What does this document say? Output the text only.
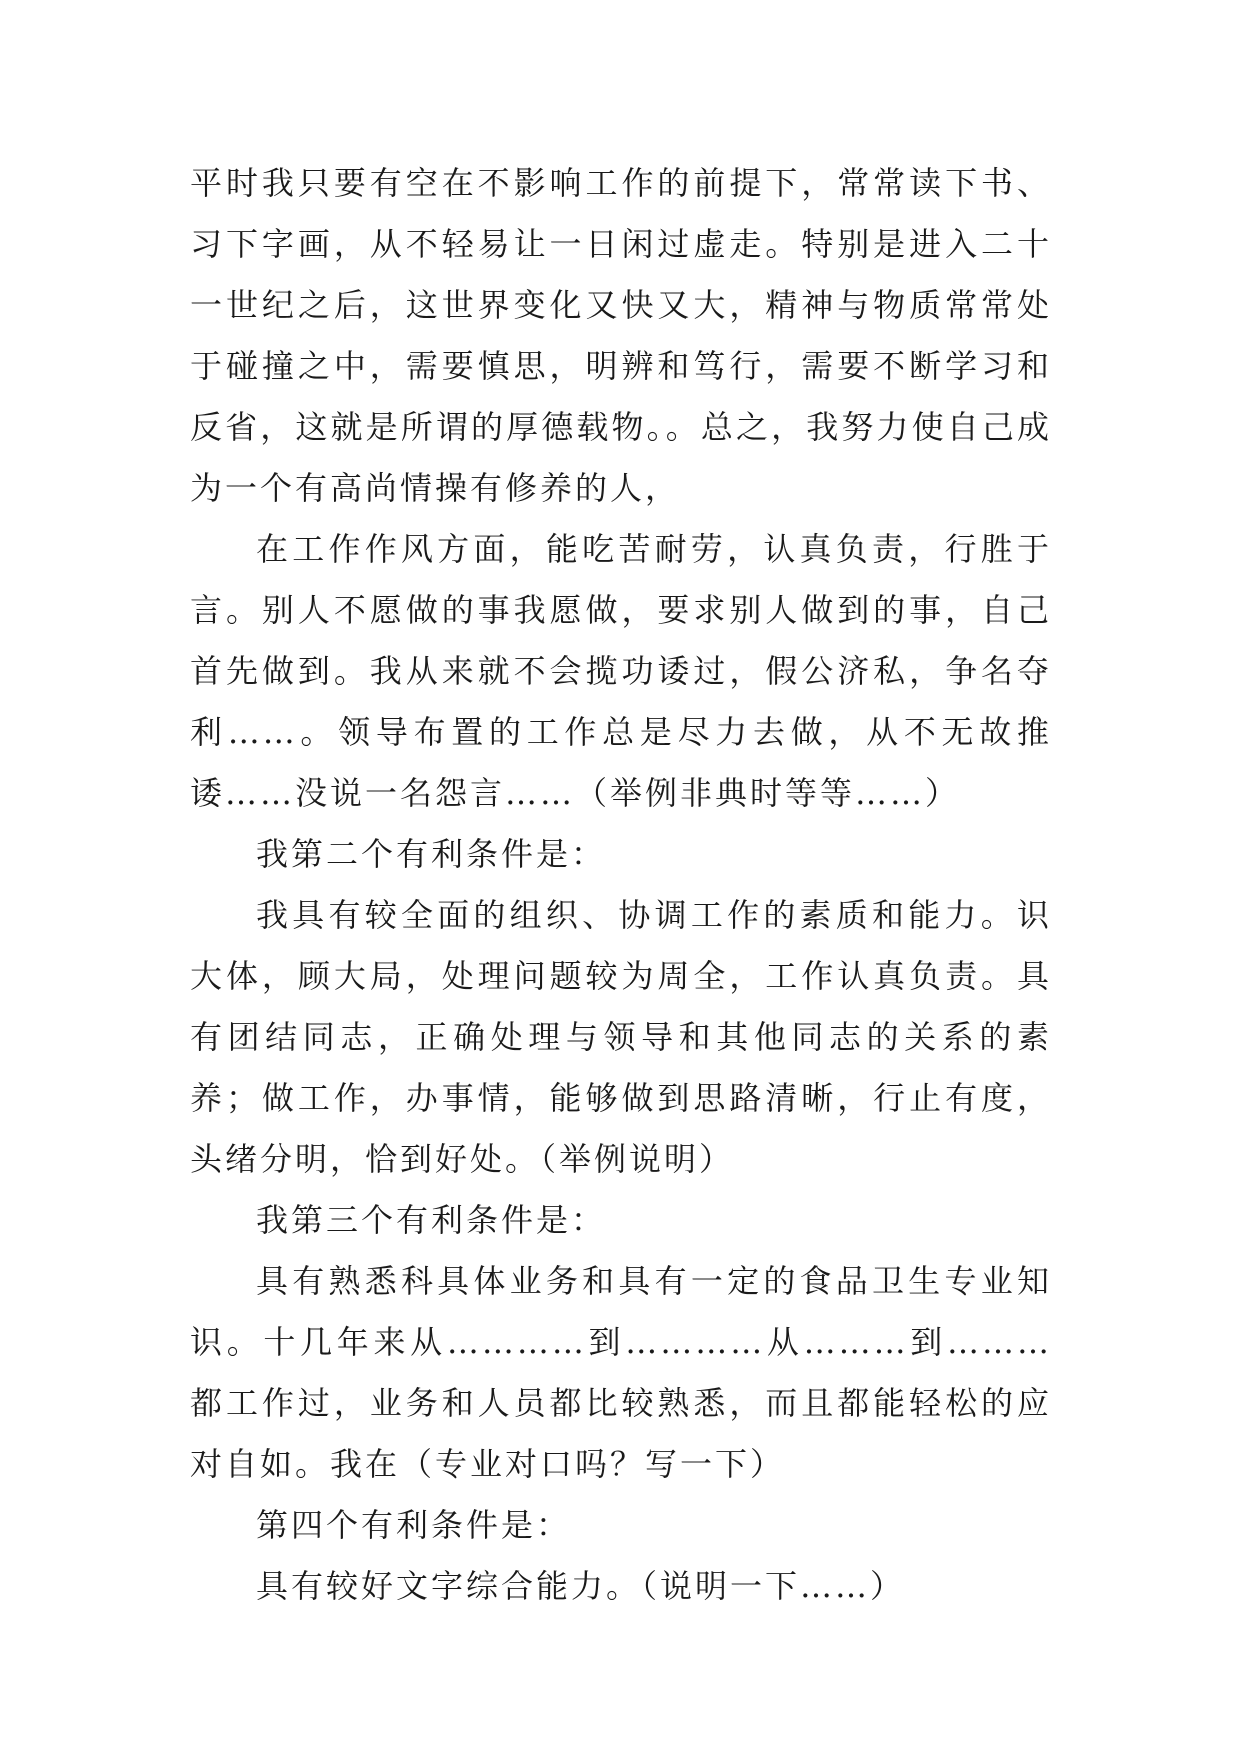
平时我只要有空在不影响工作的前提下，常常读下书、习下字画，从不轻易让一日闲过虚走。特别是进入二十一世纪之后，这世界变化又快又大，精神与物质常常处于碰撞之中，需要慎思，明辨和笃行，需要不断学习和反省，这就是所谓的厚德载物。。总之，我努力使自己成为一个有高尚情操有修养的人，

在工作作风方面，能吃苦耐劳，认真负责，行胜于言。别人不愿做的事我愿做，要求别人做到的事，自己首先做到。我从来就不会揽功诿过，假公济私，争名夺利……。领导布置的工作总是尽力去做，从不无故推诿……没说一名怨言……（举例非典时等等……）

我第二个有利条件是：

我具有较全面的组织、协调工作的素质和能力。识大体，顾大局，处理问题较为周全，工作认真负责。具有团结同志，正确处理与领导和其他同志的关系的素养；做工作，办事情，能够做到思路清晰，行止有度，头绪分明，恰到好处。（举例说明）

我第三个有利条件是：

具有熟悉科具体业务和具有一定的食品卫生专业知识。十几年来从…………到…………从………到………都工作过，业务和人员都比较熟悉，而且都能轻松的应对自如。我在（专业对口吗？写一下）

第四个有利条件是：

具有较好文字综合能力。（说明一下……）
